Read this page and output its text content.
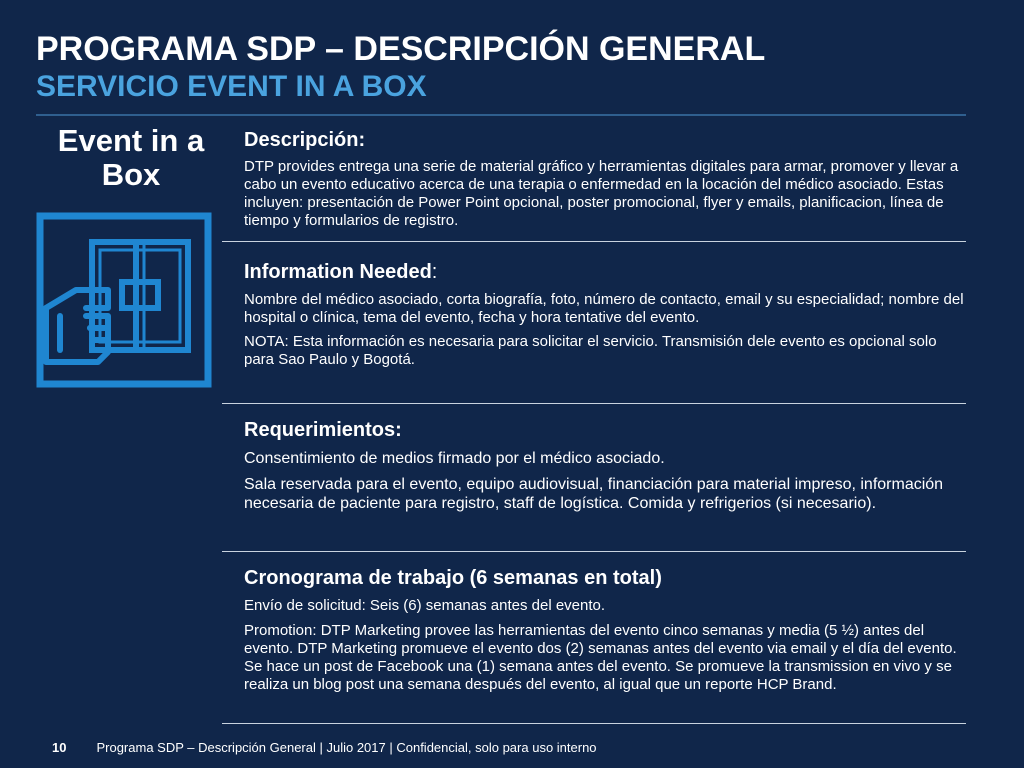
PROGRAMA SDP – DESCRIPCIÓN GENERAL
SERVICIO EVENT IN A BOX
Event in a
Box

Descripción:

DTP provides entrega una serie de material gráfico y herramientas digitales para armar, promover y llevar a cabo un evento educativo acerca de una terapia o enfermedad en la locación del médico asociado. Estas incluyen: presentación de Power Point opcional, poster promocional, flyer y emails, planificacion, línea de tiempo y formularios de registro.

Information Needed:

Nombre del médico asociado, corta biografía, foto, número de contacto, email y su especialidad; nombre del hospital o clínica, tema del evento, fecha y hora tentative del evento.

NOTA: Esta información es necesaria para solicitar el servicio. Transmisión dele evento es opcional solo para Sao Paulo y Bogotá.

Requerimientos:

Consentimiento de medios firmado por el médico asociado.

Sala reservada para el evento, equipo audiovisual, financiación para material impreso, información necesaria de paciente para registro, staff de logística. Comida y refrigerios (si necesario).

Cronograma de trabajo (6 semanas en total)

Envío de solicitud: Seis (6) semanas antes del evento.

Promotion: DTP Marketing provee las herramientas del evento cinco semanas y media (5 ½) antes del evento. DTP Marketing promueve el evento dos (2) semanas antes del evento via email y el día del evento. Se hace un post de Facebook una (1) semana antes del evento. Se promueve la transmission en vivo y se realiza un blog post una semana después del evento, al igual que un reporte HCP Brand.

10 Programa SDP – Descripción General | Julio 2017 | Confidencial, solo para uso interno
